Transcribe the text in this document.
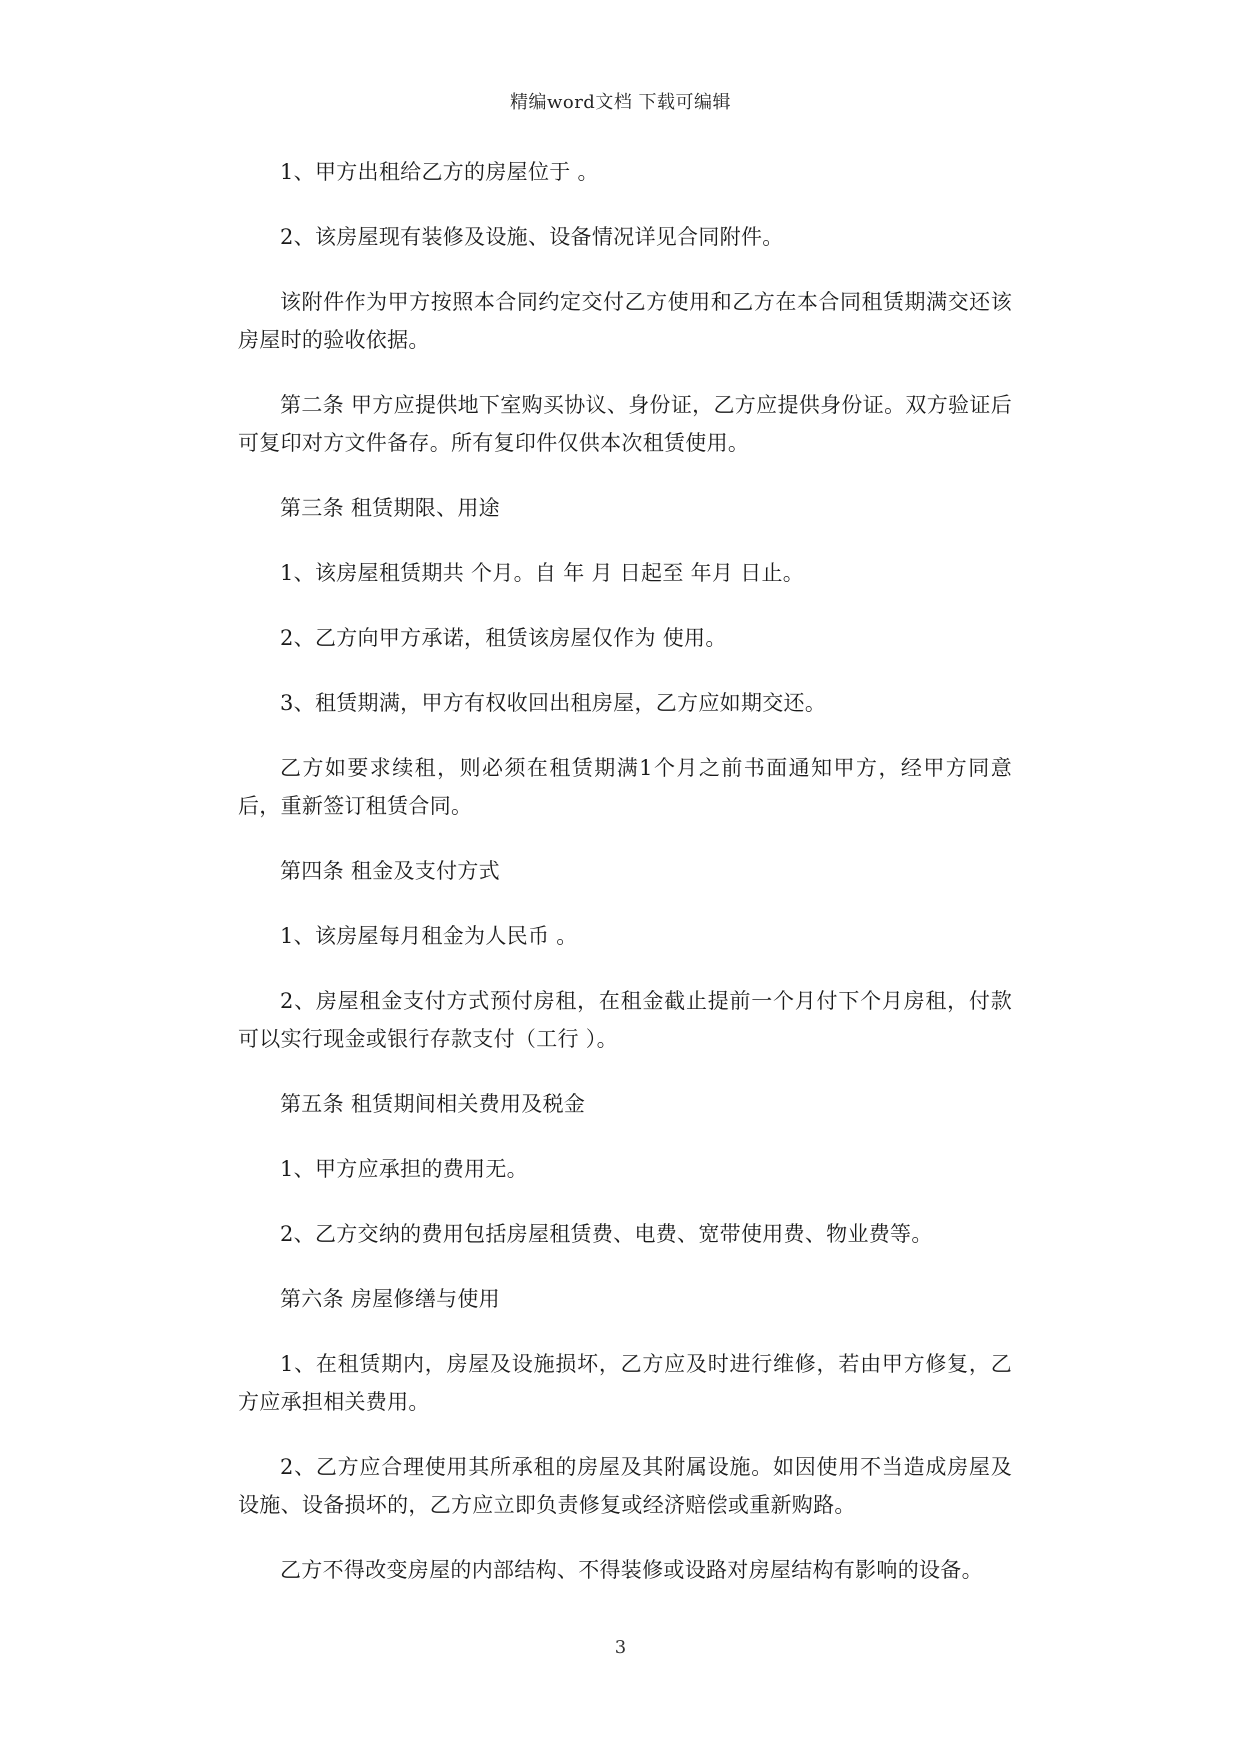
精编word文档 下载可编辑

1、甲方出租给乙方的房屋位于 。

2、该房屋现有装修及设施、设备情况详见合同附件。

该附件作为甲方按照本合同约定交付乙方使用和乙方在本合同租赁期满交还该房屋时的验收依据。

第二条 甲方应提供地下室购买协议、身份证，乙方应提供身份证。双方验证后可复印对方文件备存。所有复印件仅供本次租赁使用。

第三条 租赁期限、用途

1、该房屋租赁期共 个月。自 年 月 日起至 年月 日止。

2、乙方向甲方承诺，租赁该房屋仅作为 使用。

3、租赁期满，甲方有权收回出租房屋，乙方应如期交还。

乙方如要求续租，则必须在租赁期满1个月之前书面通知甲方，经甲方同意后，重新签订租赁合同。

第四条 租金及支付方式

1、该房屋每月租金为人民币 。

2、房屋租金支付方式预付房租，在租金截止提前一个月付下个月房租，付款可以实行现金或银行存款支付（工行 ）。

第五条 租赁期间相关费用及税金

1、甲方应承担的费用无。

2、乙方交纳的费用包括房屋租赁费、电费、宽带使用费、物业费等。

第六条 房屋修缮与使用

1、在租赁期内，房屋及设施损坏，乙方应及时进行维修，若由甲方修复，乙方应承担相关费用。

2、乙方应合理使用其所承租的房屋及其附属设施。如因使用不当造成房屋及设施、设备损坏的，乙方应立即负责修复或经济赔偿或重新购路。

乙方不得改变房屋的内部结构、不得装修或设路对房屋结构有影响的设备。

3
